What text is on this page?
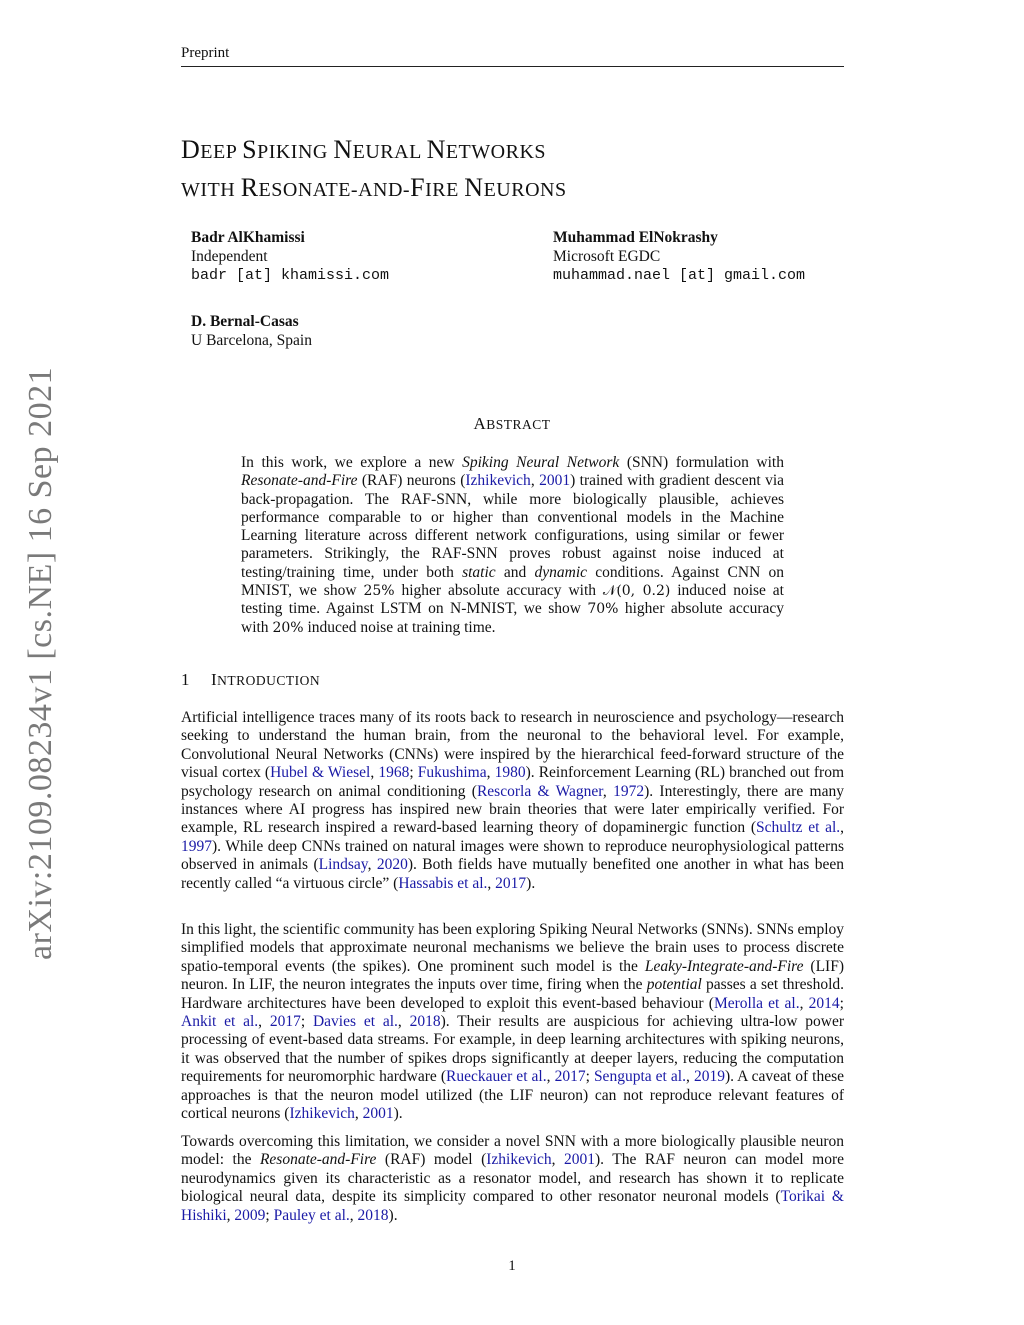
Preprint
DEEP SPIKING NEURAL NETWORKS
WITH RESONATE-AND-FIRE NEURONS
Badr AlKhamissi
Independent
badr [at] khamissi.com
Muhammad ElNokrashy
Microsoft EGDC
muhammad.nael [at] gmail.com
D. Bernal-Casas
U Barcelona, Spain
ABSTRACT
In this work, we explore a new Spiking Neural Network (SNN) formulation with Resonate-and-Fire (RAF) neurons (Izhikevich, 2001) trained with gradient descent via back-propagation. The RAF-SNN, while more biologically plausible, achieves performance comparable to or higher than conventional models in the Machine Learning literature across different network configurations, using similar or fewer parameters. Strikingly, the RAF-SNN proves robust against noise induced at testing/training time, under both static and dynamic conditions. Against CNN on MNIST, we show 25% higher absolute accuracy with 𝒩(0, 0.2) induced noise at testing time. Against LSTM on N-MNIST, we show 70% higher absolute accuracy with 20% induced noise at training time.
1 INTRODUCTION
Artificial intelligence traces many of its roots back to research in neuroscience and psychology—research seeking to understand the human brain, from the neuronal to the behavioral level. For example, Convolutional Neural Networks (CNNs) were inspired by the hierarchical feed-forward structure of the visual cortex (Hubel & Wiesel, 1968; Fukushima, 1980). Reinforcement Learning (RL) branched out from psychology research on animal conditioning (Rescorla & Wagner, 1972). Interestingly, there are many instances where AI progress has inspired new brain theories that were later empirically verified. For example, RL research inspired a reward-based learning theory of dopaminergic function (Schultz et al., 1997). While deep CNNs trained on natural images were shown to reproduce neurophysiological patterns observed in animals (Lindsay, 2020). Both fields have mutually benefited one another in what has been recently called “a virtuous circle” (Hassabis et al., 2017).
In this light, the scientific community has been exploring Spiking Neural Networks (SNNs). SNNs employ simplified models that approximate neuronal mechanisms we believe the brain uses to process discrete spatio-temporal events (the spikes). One prominent such model is the Leaky-Integrate-and-Fire (LIF) neuron. In LIF, the neuron integrates the inputs over time, firing when the potential passes a set threshold. Hardware architectures have been developed to exploit this event-based behaviour (Merolla et al., 2014; Ankit et al., 2017; Davies et al., 2018). Their results are auspicious for achieving ultra-low power processing of event-based data streams. For example, in deep learning architectures with spiking neurons, it was observed that the number of spikes drops significantly at deeper layers, reducing the computation requirements for neuromorphic hardware (Rueckauer et al., 2017; Sengupta et al., 2019). A caveat of these approaches is that the neuron model utilized (the LIF neuron) can not reproduce relevant features of cortical neurons (Izhikevich, 2001).
Towards overcoming this limitation, we consider a novel SNN with a more biologically plausible neuron model: the Resonate-and-Fire (RAF) model (Izhikevich, 2001). The RAF neuron can model more neurodynamics given its characteristic as a resonator model, and research has shown it to replicate biological neural data, despite its simplicity compared to other resonator neuronal models (Torikai & Hishiki, 2009; Pauley et al., 2018).
1
arXiv:2109.08234v1 [cs.NE] 16 Sep 2021
